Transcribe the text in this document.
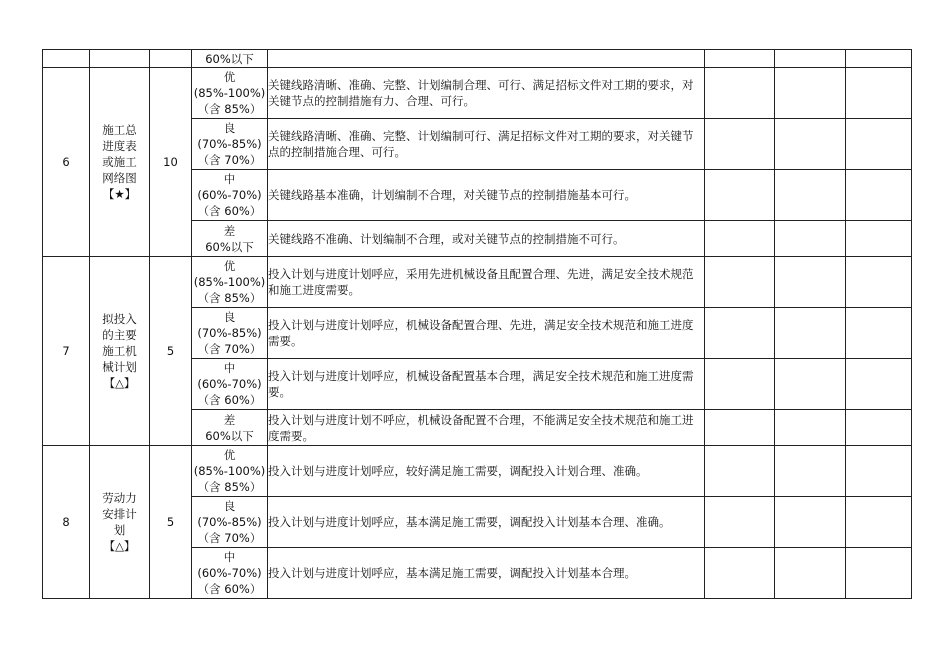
			60%以下				

6	施工总
进度表
或施工
网络图
【★】	10	优
(85%-100%)
（含 85%）	关键线路清晰、准确、完整、计划编制合理、可行、满足招标文件对工期的要求，对关键节点的控制措施有力、合理、可行。			

			良
(70%-85%)
（含 70%）	关键线路清晰、准确、完整、计划编制可行、满足招标文件对工期的要求，对关键节点的控制措施合理、可行。			

			中
(60%-70%)
（含 60%）	关键线路基本准确，计划编制不合理，对关键节点的控制措施基本可行。			

			差
60%以下	关键线路不准确、计划编制不合理，或对关键节点的控制措施不可行。			
7	拟投入
的主要
施工机
械计划
【△】	5	优
(85%-100%)
（含 85%）	投入计划与进度计划呼应，采用先进机械设备且配置合理、先进，满足安全技术规范和施工进度需要。			

			良
(70%-85%)
（含 70%）	投入计划与进度计划呼应，机械设备配置合理、先进，满足安全技术规范和施工进度需要。			

			中
(60%-70%)
（含 60%）	投入计划与进度计划呼应，机械设备配置基本合理，满足安全技术规范和施工进度需要。			

			差
60%以下	投入计划与进度计划不呼应，机械设备配置不合理，不能满足安全技术规范和施工进度需要。			
8	劳动力
安排计
划
【△】	5	优
(85%-100%)
（含 85%）	投入计划与进度计划呼应，较好满足施工需要，调配投入计划合理、准确。			

			良
(70%-85%)
（含 70%）	投入计划与进度计划呼应，基本满足施工需要，调配投入计划基本合理、准确。			

			中
(60%-70%)
（含 60%）	投入计划与进度计划呼应，基本满足施工需要，调配投入计划基本合理。			
